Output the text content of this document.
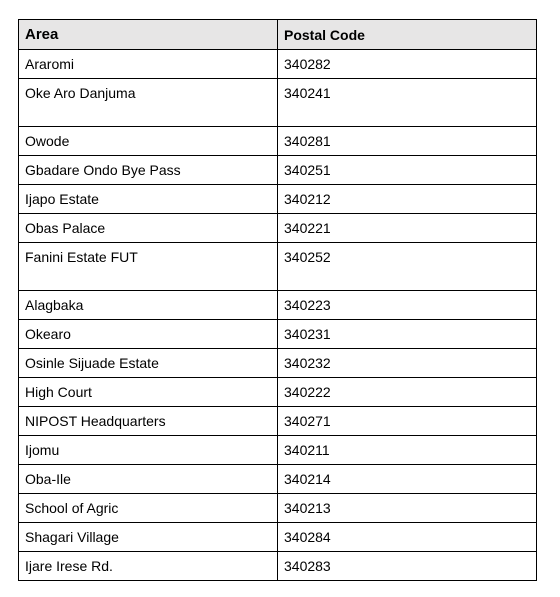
Area	Postal Code
Araromi	340282
Oke Aro Danjuma	340241
Owode	340281
Gbadare Ondo Bye Pass	340251
Ijapo Estate	340212
Obas Palace	340221
Fanini Estate FUT	340252
Alagbaka	340223
Okearo	340231
Osinle Sijuade Estate	340232
High Court	340222
NIPOST Headquarters	340271
Ijomu	340211
Oba-Ile	340214
School of Agric	340213
Shagari Village	340284
Ijare Irese Rd.	340283
